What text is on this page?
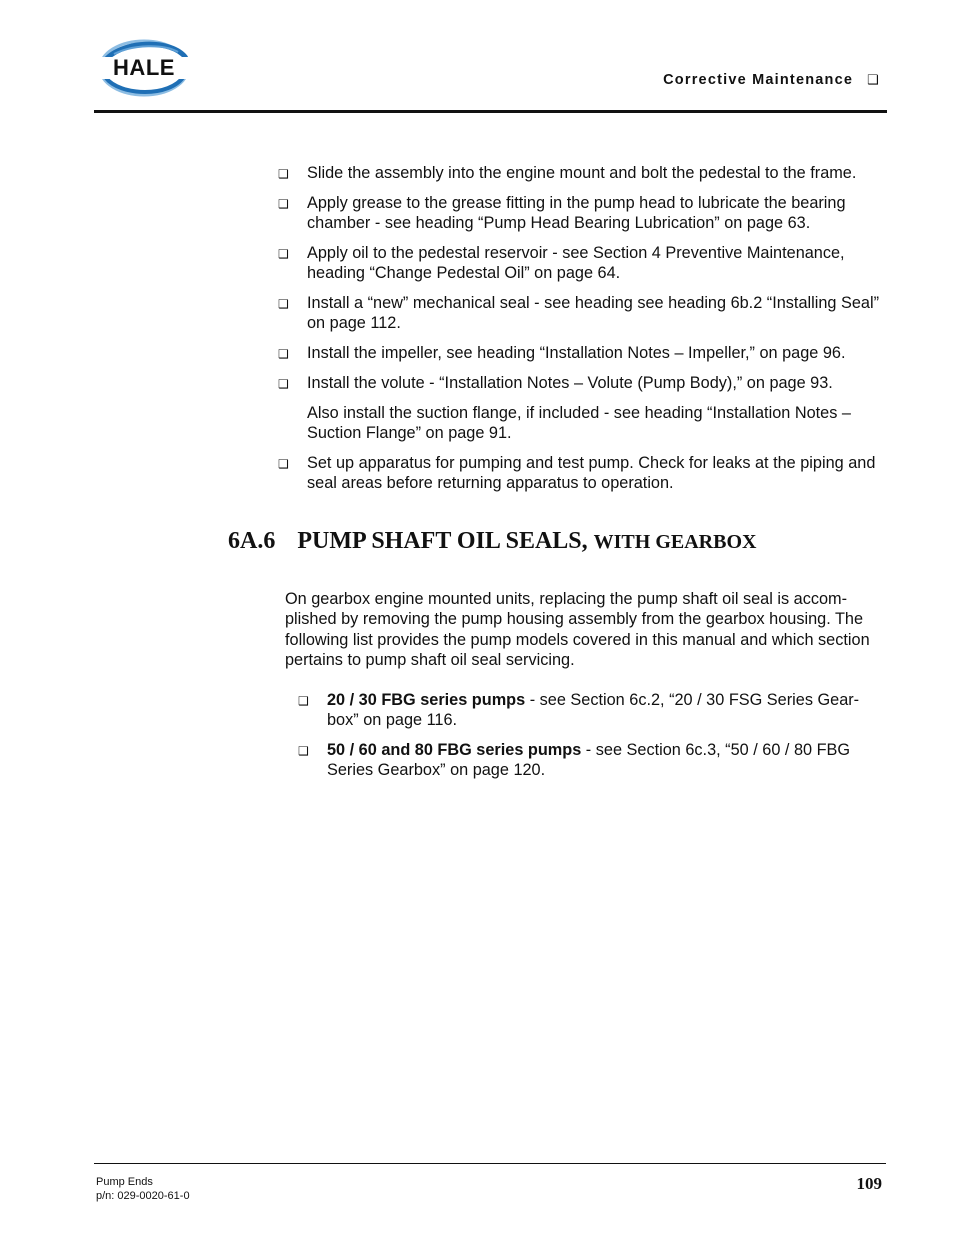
HALE	Corrective Maintenance ❑
❑ Slide the assembly into the engine mount and bolt the pedestal to the frame.
❑ Apply grease to the grease fitting in the pump head to lubricate the bearing chamber - see heading “Pump Head Bearing Lubrication” on page 63.
❑ Apply oil to the pedestal reservoir - see Section 4 Preventive Maintenance, heading “Change Pedestal Oil” on page 64.
❑ Install a “new” mechanical seal - see heading see heading 6b.2 “Installing Seal” on page 112.
❑ Install the impeller, see heading “Installation Notes – Impeller,” on page 96.
❑ Install the volute - “Installation Notes – Volute (Pump Body),” on page 93.
Also install the suction flange, if included - see heading “Installation Notes – Suction Flange” on page 91.
❑ Set up apparatus for pumping and test pump. Check for leaks at the piping and seal areas before returning apparatus to operation.
6A.6 PUMP SHAFT OIL SEALS, WITH GEARBOX

On gearbox engine mounted units, replacing the pump shaft oil seal is accom-plished by removing the pump housing assembly from the gearbox housing. The following list provides the pump models covered in this manual and which section pertains to pump shaft oil seal servicing.

❑ 20 / 30 FBG series pumps - see Section 6c.2, “20 / 30 FSG Series Gear-box” on page 116.
❑ 50 / 60 and 80 FBG series pumps - see Section 6c.3, “50 / 60 / 80 FBG Series Gearbox” on page 120.
Pump Ends
p/n: 029-0020-61-0
109
